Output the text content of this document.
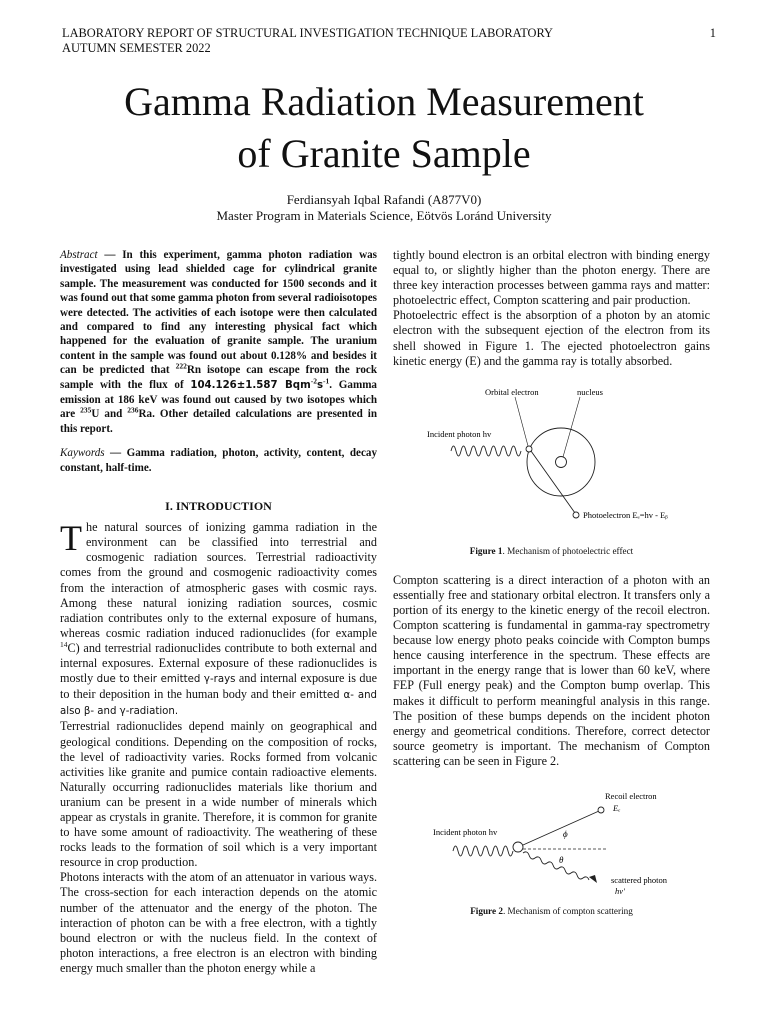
LABORATORY REPORT OF STRUCTURAL INVESTIGATION TECHNIQUE LABORATORY
AUTUMN SEMESTER 2022
1
Gamma Radiation Measurement
of Granite Sample
Ferdiansyah Iqbal Rafandi (A877V0)
Master Program in Materials Science, Eötvös Loránd University

Abstract — In this experiment, gamma photon radiation was investigated using lead shielded cage for cylindrical granite sample. The measurement was conducted for 1500 seconds and it was found out that some gamma photon from several radioisotopes were detected. The activities of each isotope were then calculated and compared to find any interesting physical fact which happened for the evaluation of granite sample. The uranium content in the sample was found out about 0.128% and besides it can be predicted that $^{222}$Rn isotope can escape from the rock sample with the flux of 104.126±1.587 $Bqm^{-2}s^{-1}$. Gamma emission at 186 keV was found out caused by two isotopes which are $^{235}$U and $^{236}$Ra. Other detailed calculations are presented in this report.

Kaywords — Gamma radiation, photon, activity, content, decay constant, half-time.

I. INTRODUCTION

The natural sources of ionizing gamma radiation in the environment can be classified into terrestrial and cosmogenic radiation sources. Terrestrial radioactivity comes from the ground and cosmogenic radioactivity comes from the interaction of atmospheric gases with cosmic rays. Among these natural ionizing radiation sources, cosmic radiation contributes only to the external exposure of humans, whereas cosmic radiation induced radionuclides (for example $^{14}$C) and terrestrial radionuclides contribute to both external and internal exposures. External exposure of these radionuclides is mostly due to their emitted γ-rays and internal exposure is due to their deposition in the human body and their emitted α- and also β- and γ-radiation.

Terrestrial radionuclides depend mainly on geographical and geological conditions. Depending on the composition of rocks, the level of radioactivity varies. Rocks formed from volcanic activities like granite and pumice contain radioactive elements. Naturally occurring radionuclides materials like thorium and uranium can be present in a wide number of minerals which appear as crystals in granite. Therefore, it is common for granite to have some amount of radioactivity. The weathering of these rocks leads to the formation of soil which is a very important resource in crop production.

Photons interacts with the atom of an attenuator in various ways. The cross-section for each interaction depends on the atomic number of the attenuator and the energy of the photon. The interaction of photon can be with a free electron, with a tightly bound electron or with the nucleus field. In the context of photon interactions, a free electron is an electron with binding energy much smaller than the photon energy while a

tightly bound electron is an orbital electron with binding energy equal to, or slightly higher than the photon energy. There are three key interaction processes between gamma rays and matter: photoelectric effect, Compton scattering and pair production.

Photoelectric effect is the absorption of a photon by an atomic electron with the subsequent ejection of the electron from its shell showed in Figure 1. The ejected photoelectron gains kinetic energy (E) and the gamma ray is totally absorbed.

Orbital electron	nucleus
Incident photon hv
Photoelectron Eₑ=hv - Eᵦ
Figure 1. Mechanism of photoelectric effect

Compton scattering is a direct interaction of a photon with an essentially free and stationary orbital electron. It transfers only a portion of its energy to the kinetic energy of the recoil electron. Compton scattering is fundamental in gamma-ray spectrometry because low energy photo peaks coincide with Compton bumps hence causing interference in the spectrum. These effects are important in the energy range that is lower than 60 keV, where FEP (Full energy peak) and the Compton bump overlap. This makes it difficult to perform meaningful analysis in this range. The position of these bumps depends on the incident photon energy and geometrical conditions. Therefore, correct detector source geometry is important. The mechanism of Compton scattering can be seen in Figure 2.

Recoil electron
Eₑ
Incident photon hv	ϕ
θ
scattered photon
hv'
Figure 2. Mechanism of compton scattering
